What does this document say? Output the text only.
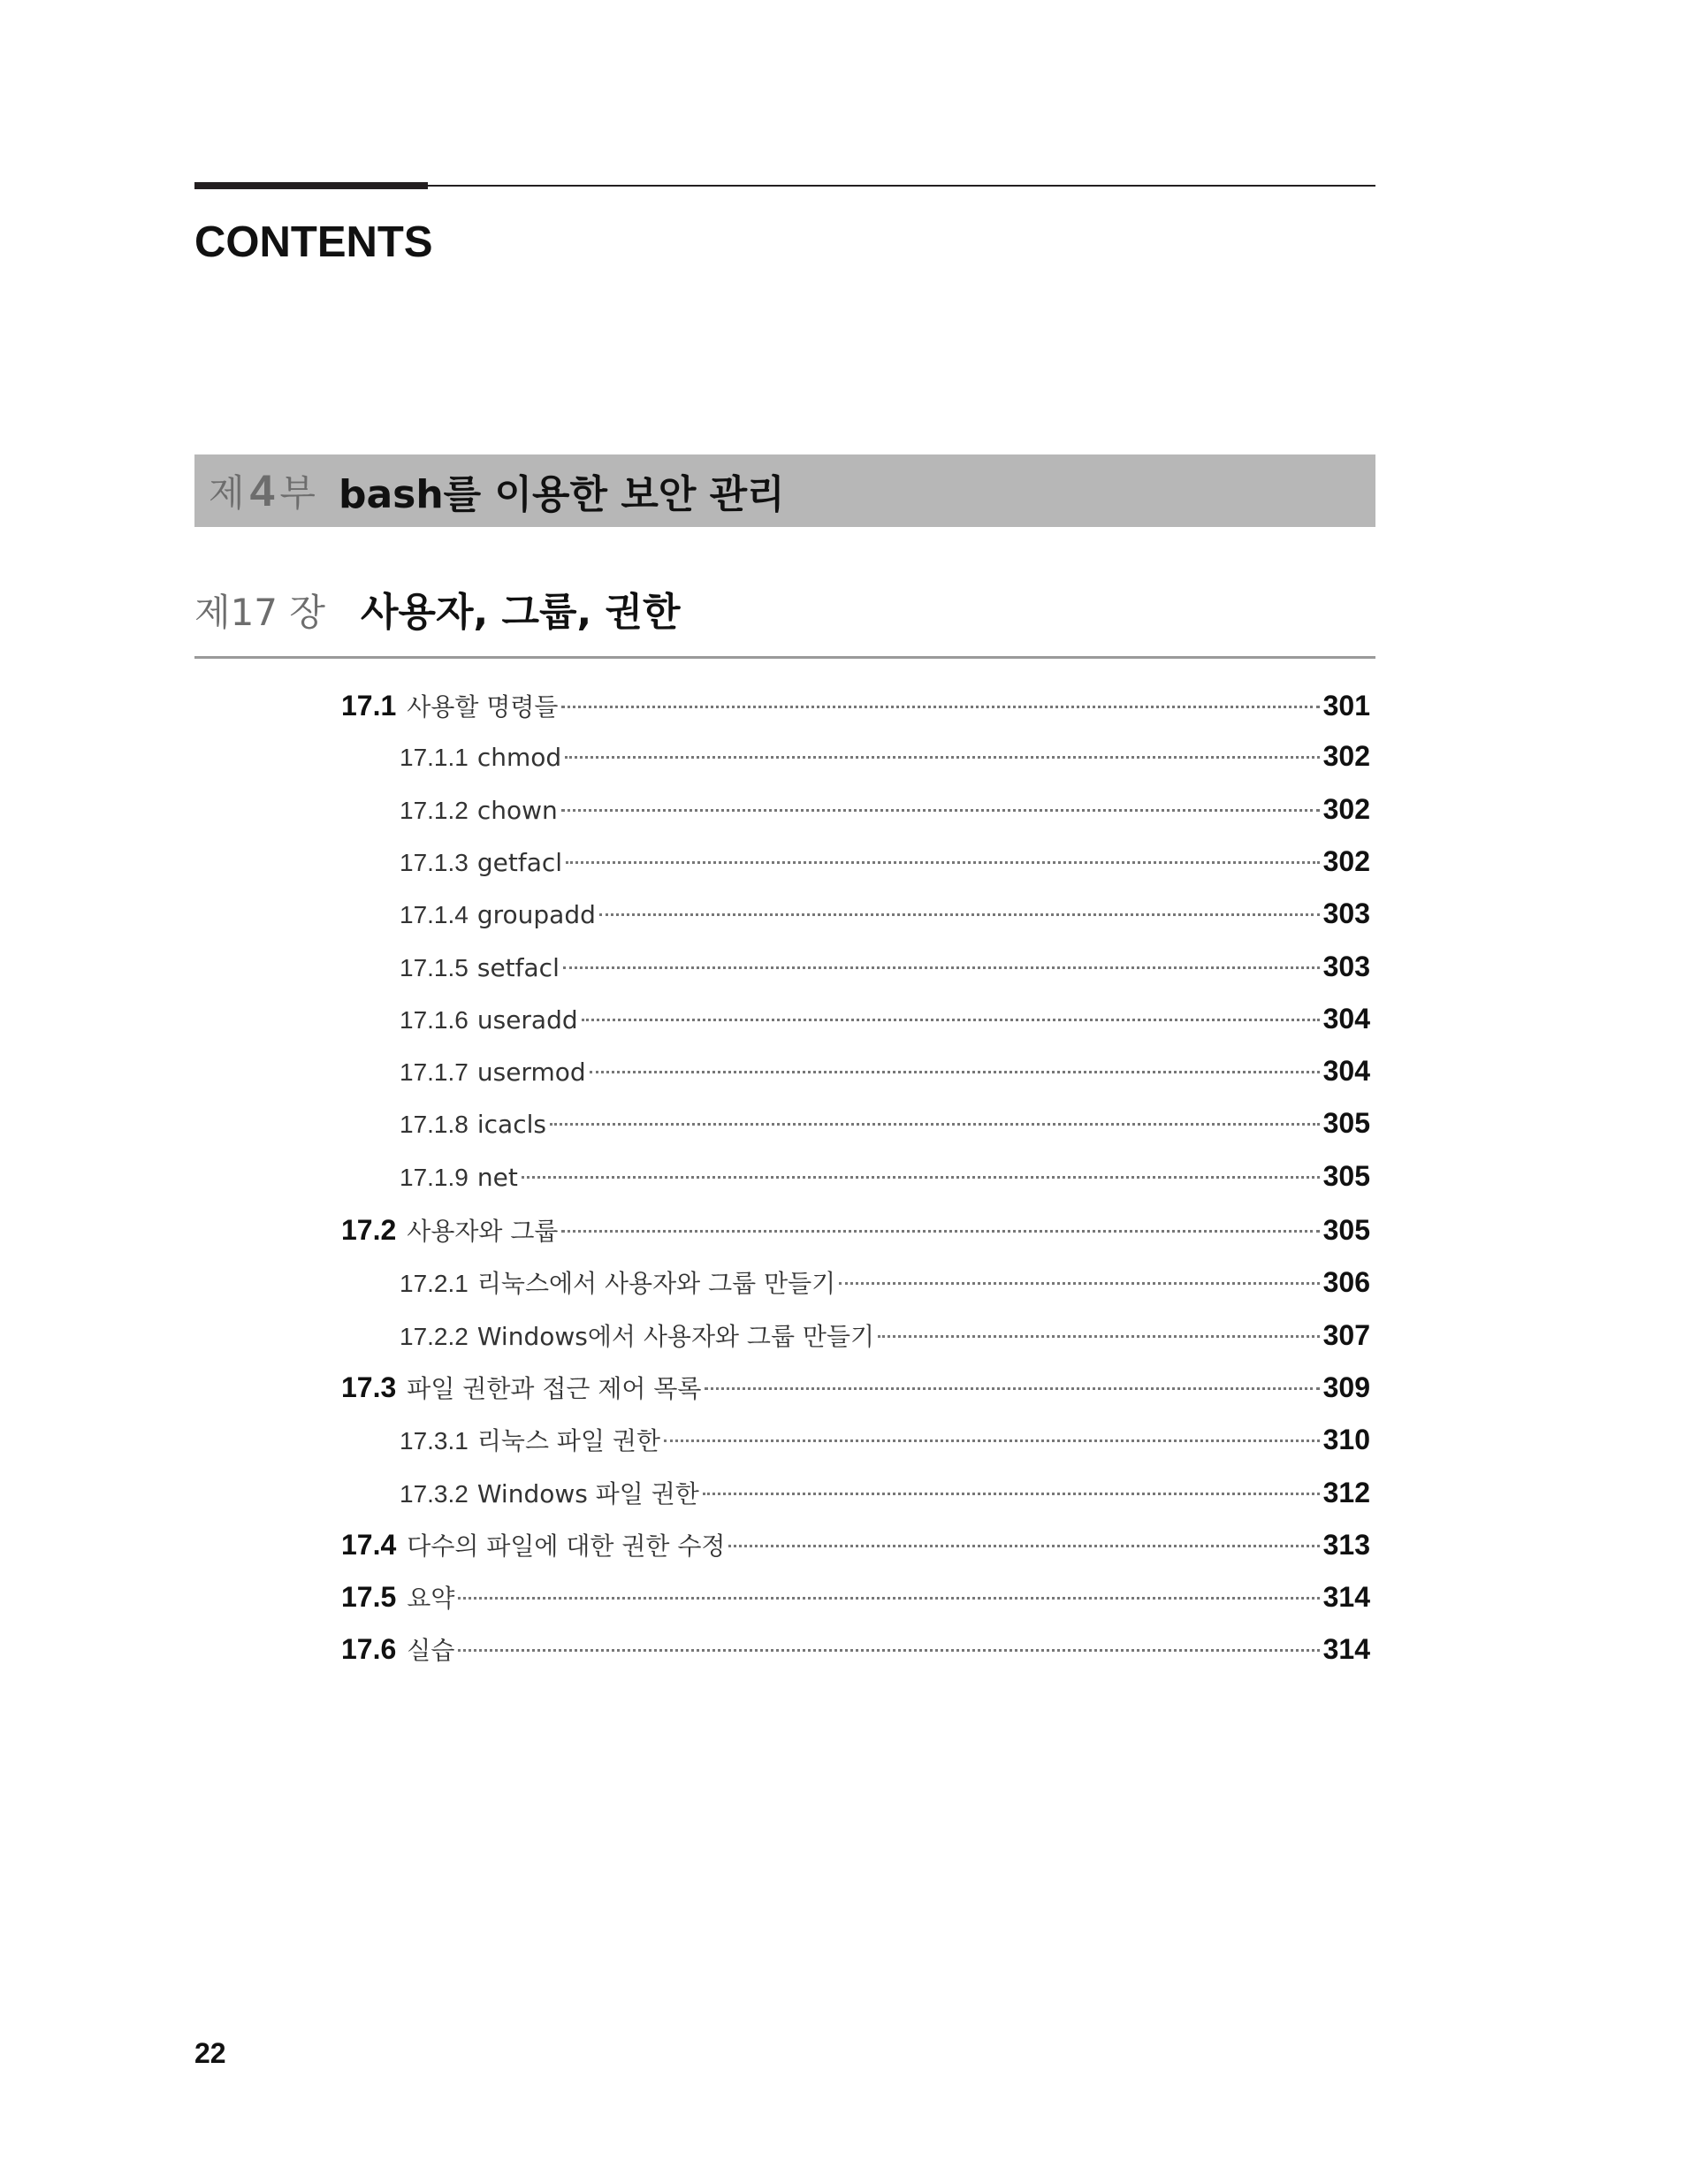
CONTENTS
제 4 부 bash를 이용한 보안 관리
제17 장 사용자, 그룹, 권한
17.1 사용할 명령들	301
17.1.1 chmod	302
17.1.2 chown	302
17.1.3 getfacl	302
17.1.4 groupadd	303
17.1.5 setfacl	303
17.1.6 useradd	304
17.1.7 usermod	304
17.1.8 icacls	305
17.1.9 net	305
17.2 사용자와 그룹	305
17.2.1 리눅스에서 사용자와 그룹 만들기	306
17.2.2 Windows에서 사용자와 그룹 만들기	307
17.3 파일 권한과 접근 제어 목록	309
17.3.1 리눅스 파일 권한	310
17.3.2 Windows 파일 권한	312
17.4 다수의 파일에 대한 권한 수정	313
17.5 요약	314
17.6 실습	314
22
